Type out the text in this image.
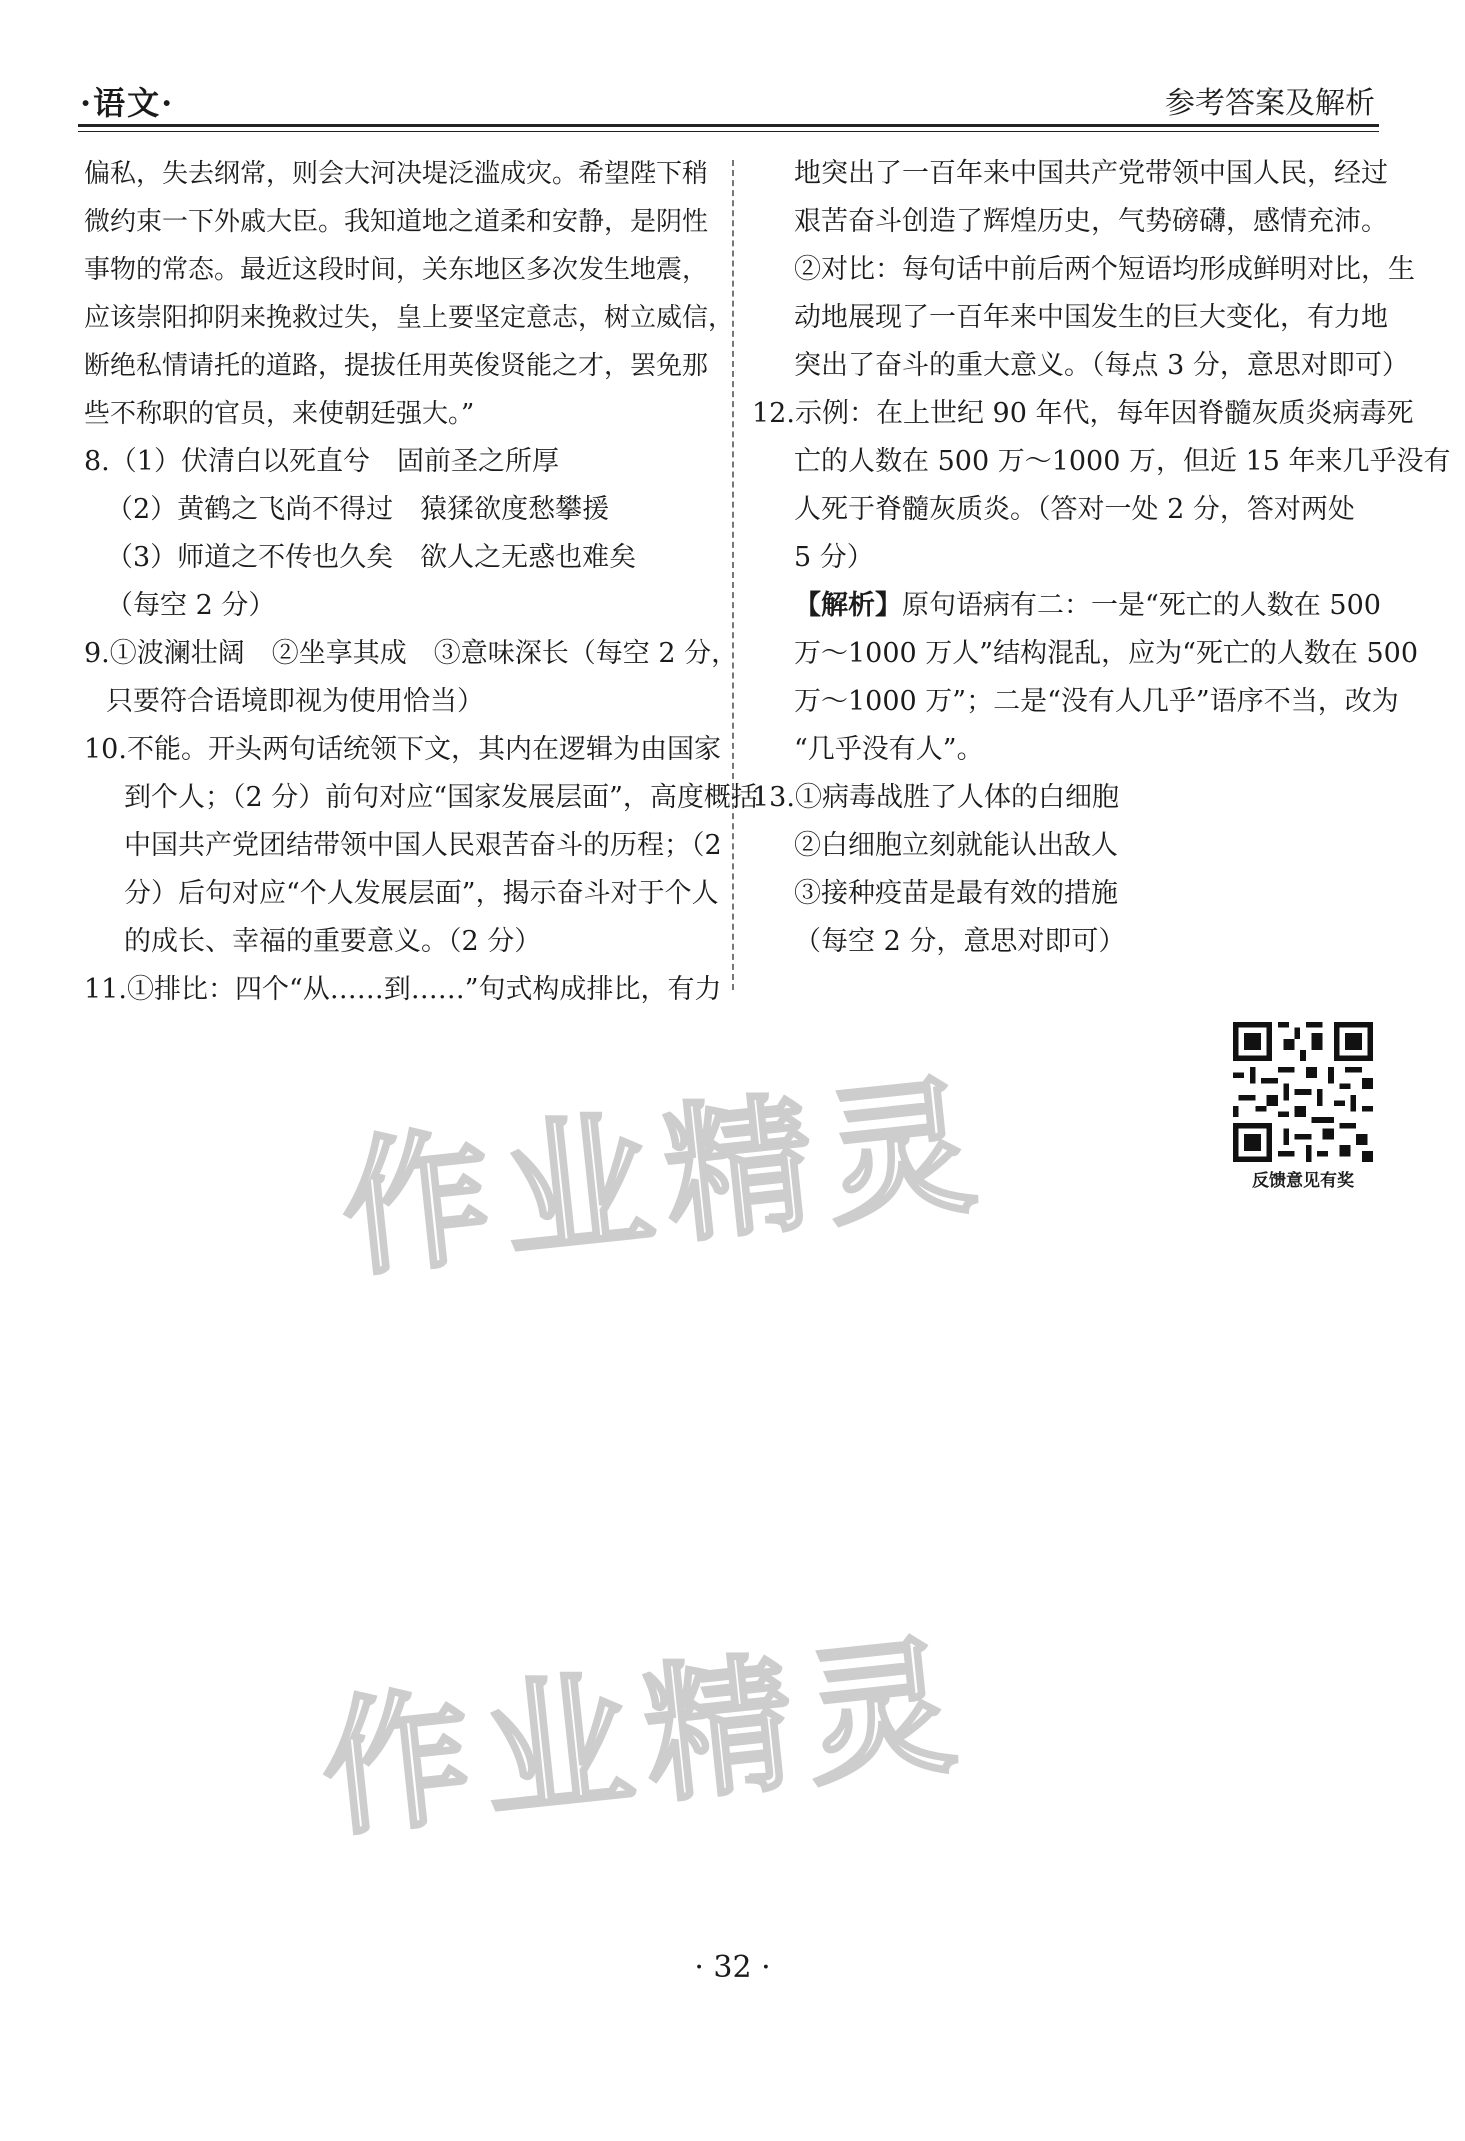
·语文·	参考答案及解析
偏私，失去纲常，则会大河决堤泛滥成灾。希望陛下稍
微约束一下外戚大臣。我知道地之道柔和安静，是阴性
事物的常态。最近这段时间，关东地区多次发生地震，
应该崇阳抑阴来挽救过失，皇上要坚定意志，树立威信，
断绝私情请托的道路，提拔任用英俊贤能之才，罢免那
些不称职的官员，来使朝廷强大。”
8.（1）伏清白以死直兮　固前圣之所厚
（2）黄鹤之飞尚不得过　猿猱欲度愁攀援
（3）师道之不传也久矣　欲人之无惑也难矣
（每空 2 分）
9.①波澜壮阔　②坐享其成　③意味深长（每空 2 分，
只要符合语境即视为使用恰当）
10.不能。开头两句话统领下文，其内在逻辑为由国家
到个人；（2 分）前句对应“国家发展层面”，高度概括
中国共产党团结带领中国人民艰苦奋斗的历程；（2
分）后句对应“个人发展层面”，揭示奋斗对于个人
的成长、幸福的重要意义。（2 分）
11.①排比：四个“从……到……”句式构成排比，有力
地突出了一百年来中国共产党带领中国人民，经过
艰苦奋斗创造了辉煌历史，气势磅礴，感情充沛。
②对比：每句话中前后两个短语均形成鲜明对比，生
动地展现了一百年来中国发生的巨大变化，有力地
突出了奋斗的重大意义。（每点 3 分，意思对即可）
12.示例：在上世纪 90 年代，每年因脊髓灰质炎病毒死
亡的人数在 500 万～1000 万，但近 15 年来几乎没有
人死于脊髓灰质炎。（答对一处 2 分，答对两处
5 分）
【解析】原句语病有二：一是“死亡的人数在 500
万～1000 万人”结构混乱，应为“死亡的人数在 500
万～1000 万”；二是“没有人几乎”语序不当，改为
“几乎没有人”。
13.①病毒战胜了人体的白细胞
②白细胞立刻就能认出敌人
③接种疫苗是最有效的措施
（每空 2 分，意思对即可）
反馈意见有奖
作业精灵
作业精灵
· 32 ·
